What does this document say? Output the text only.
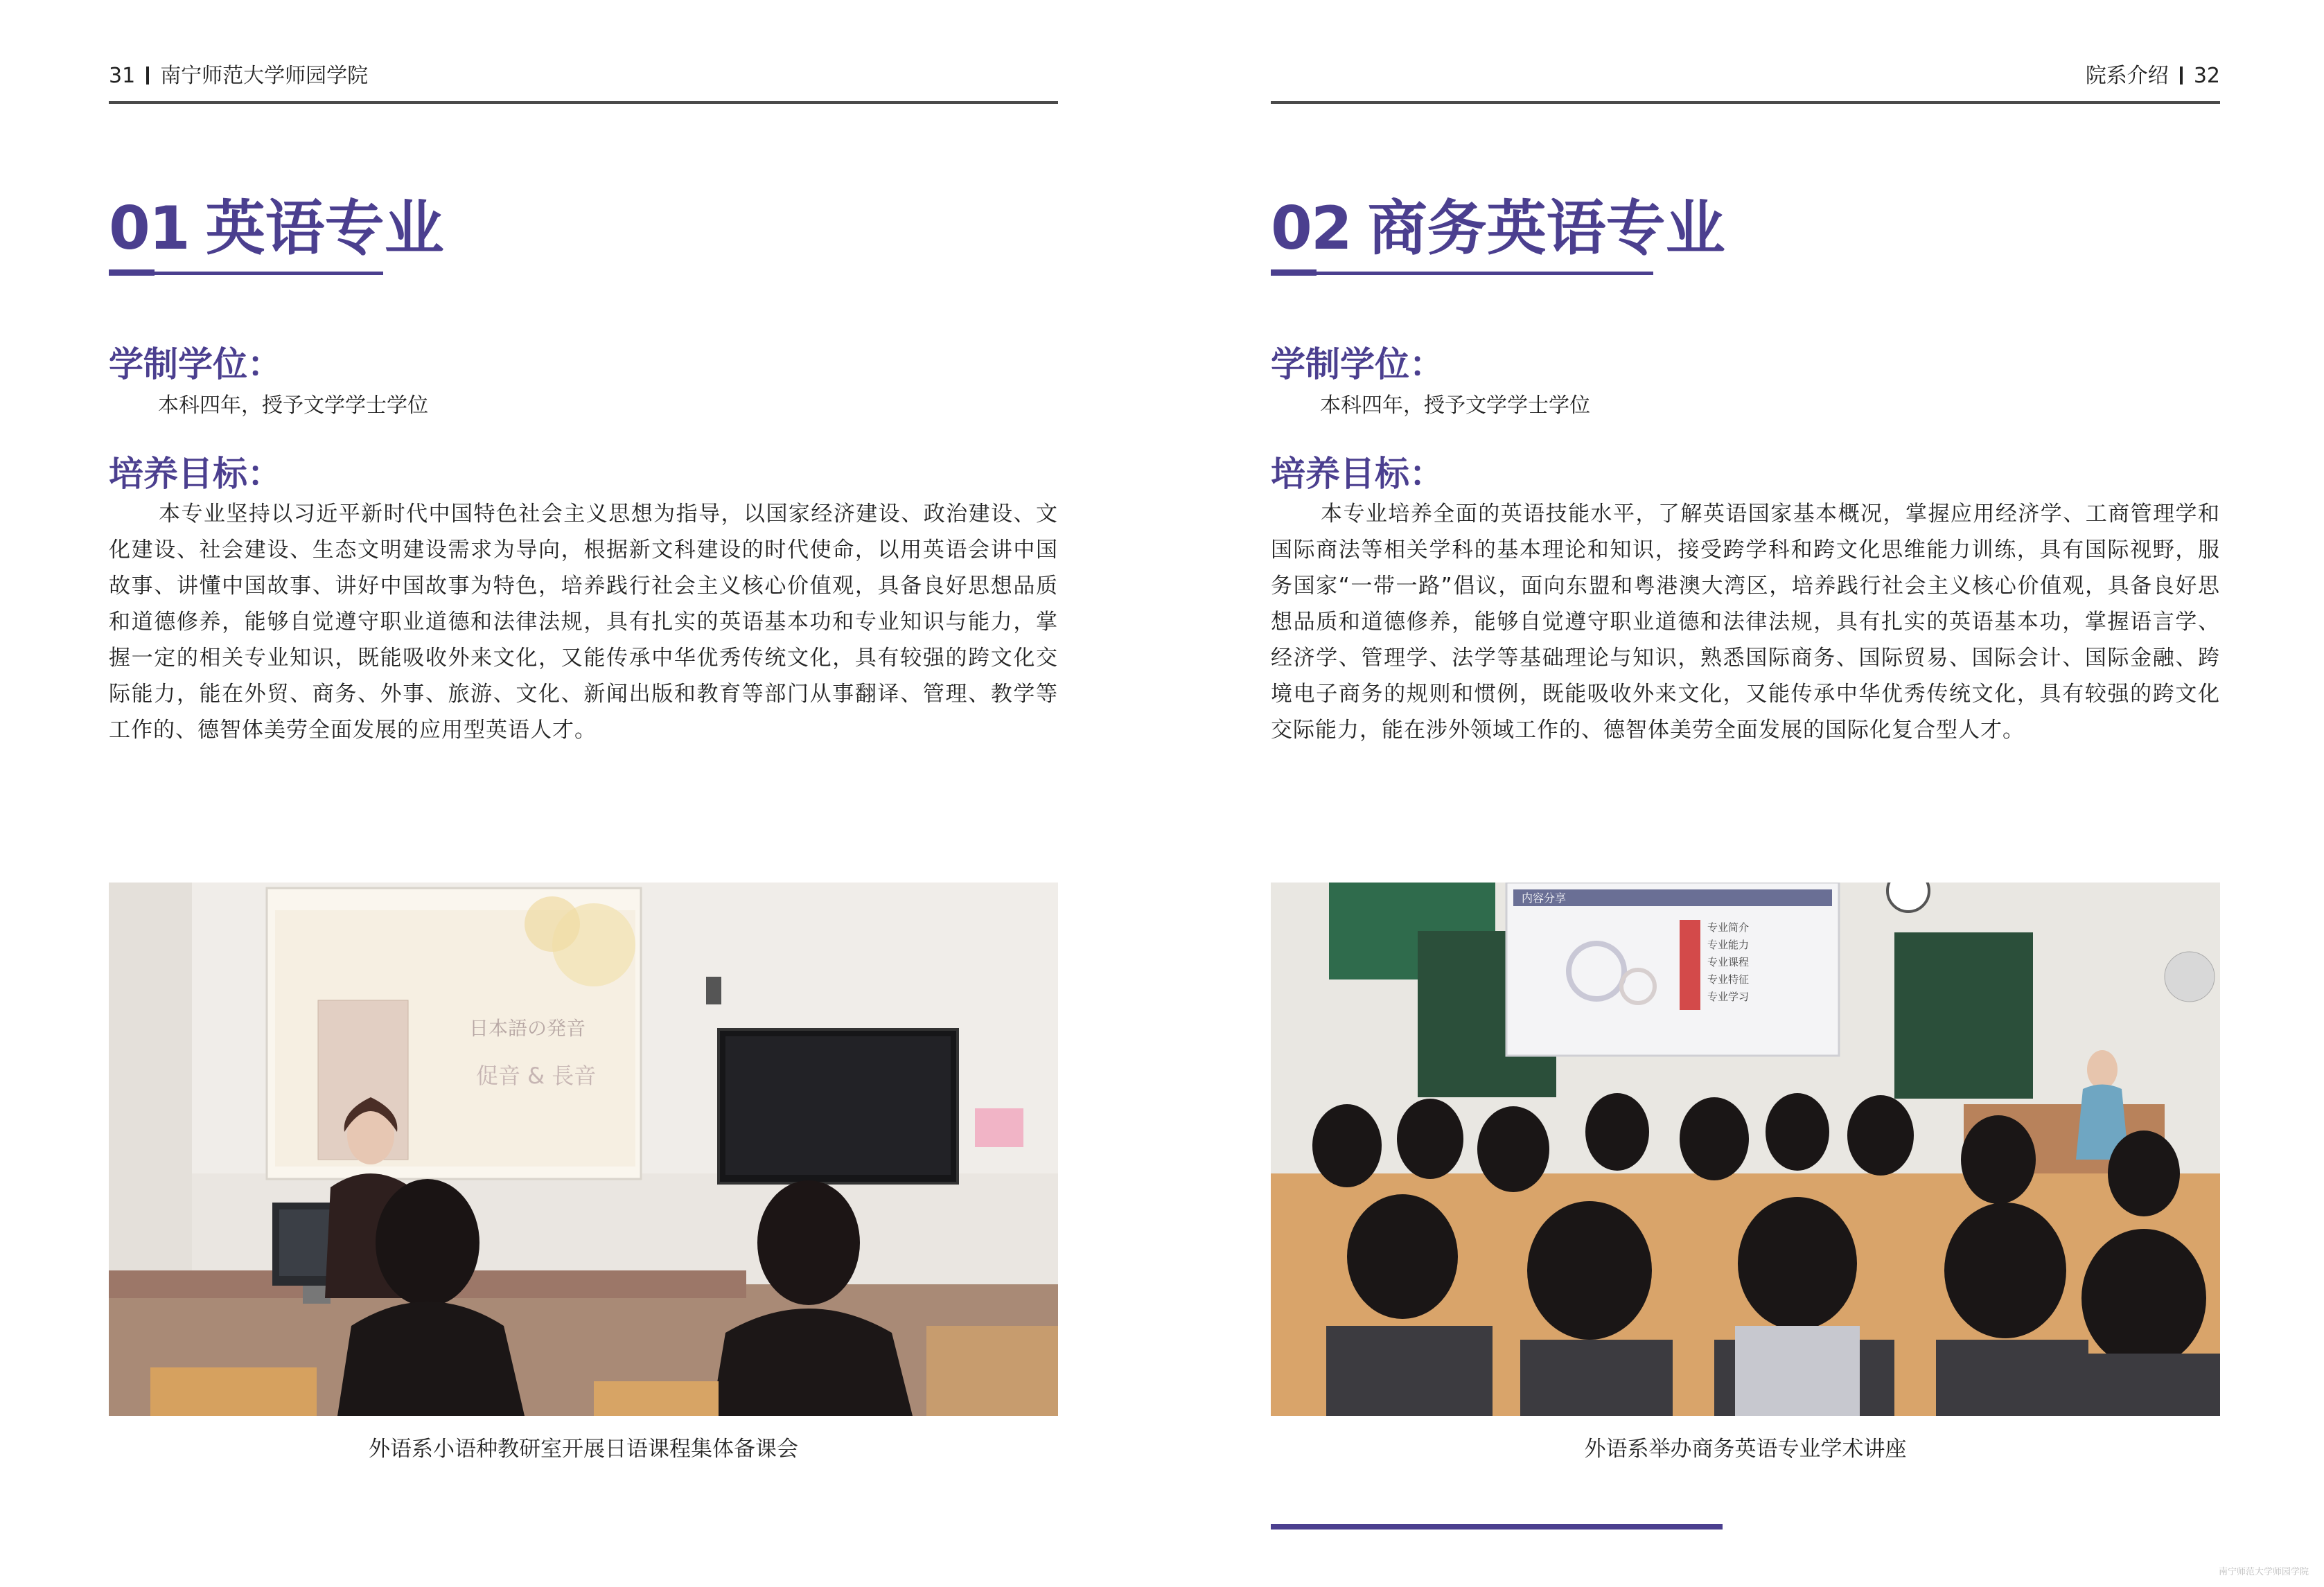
31 南宁师范大学师园学院
01 英语专业
学制学位：
本科四年，授予文学学士学位
培养目标：
本专业坚持以习近平新时代中国特色社会主义思想为指导，以国家经济建设、政治建设、文化建设、社会建设、生态文明建设需求为导向，根据新文科建设的时代使命，以用英语会讲中国故事、讲懂中国故事、讲好中国故事为特色，培养践行社会主义核心价值观，具备良好思想品质和道德修养，能够自觉遵守职业道德和法律法规，具有扎实的英语基本功和专业知识与能力，掌握一定的相关专业知识，既能吸收外来文化，又能传承中华优秀传统文化，具有较强的跨文化交际能力，能在外贸、商务、外事、旅游、文化、新闻出版和教育等部门从事翻译、管理、教学等工作的、德智体美劳全面发展的应用型英语人才。
日本語の発音
促音 & 長音
外语系小语种教研室开展日语课程集体备课会
院系介绍 32
02 商务英语专业
学制学位：
本科四年，授予文学学士学位
培养目标：
本专业培养全面的英语技能水平，了解英语国家基本概况，掌握应用经济学、工商管理学和国际商法等相关学科的基本理论和知识，接受跨学科和跨文化思维能力训练，具有国际视野，服务国家“一带一路”倡议，面向东盟和粤港澳大湾区，培养践行社会主义核心价值观，具备良好思想品质和道德修养，能够自觉遵守职业道德和法律法规，具有扎实的英语基本功，掌握语言学、经济学、管理学、法学等基础理论与知识，熟悉国际商务、国际贸易、国际会计、国际金融、跨境电子商务的规则和惯例，既能吸收外来文化，又能传承中华优秀传统文化，具有较强的跨文化交际能力，能在涉外领域工作的、德智体美劳全面发展的国际化复合型人才。
内容分享
专业简介
专业能力
专业课程
专业特征
专业学习
外语系举办商务英语专业学术讲座
南宁师范大学师园学院
